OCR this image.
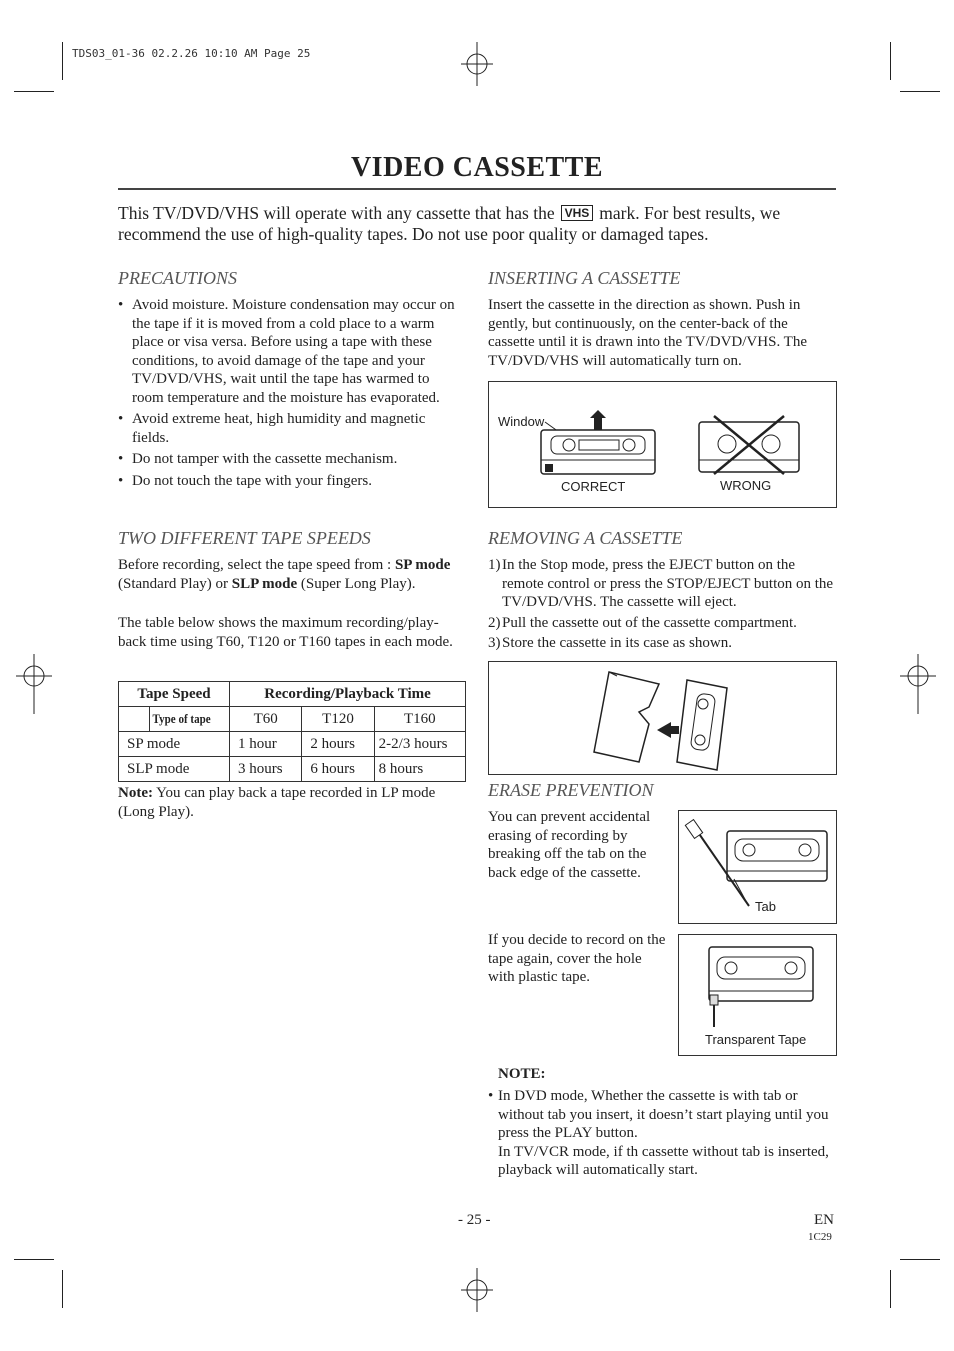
TDS03_01-36 02.2.26 10:10 AM Page 25
VIDEO CASSETTE
This TV/DVD/VHS will operate with any cassette that has the VHS mark. For best results, we recommend the use of high-quality tapes. Do not use poor quality or damaged tapes.
PRECAUTIONS
• Avoid moisture. Moisture condensation may occur on the tape if it is moved from a cold place to a warm place or visa versa. Before using a tape with these conditions, to avoid damage of the tape and your TV/DVD/VHS, wait until the tape has warmed to room temperature and the moisture has evaporated.
• Avoid extreme heat, high humidity and magnetic fields.
• Do not tamper with the cassette mechanism.
• Do not touch the tape with your fingers.
TWO DIFFERENT TAPE SPEEDS
Before recording, select the tape speed from : SP mode (Standard Play) or SLP mode (Super Long Play).
The table below shows the maximum recording/play-back time using T60, T120 or T160 tapes in each mode.
Tape Speed	Recording/Playback Time		

Type of tape	T60	T120	T160
SP mode	1 hour	2 hours	2-2/3 hours
SLP mode	3 hours	6 hours	8 hours
Note: You can play back a tape recorded in LP mode (Long Play).
INSERTING A CASSETTE
Insert the cassette in the direction as shown. Push in gently, but continuously, on the center-back of the cassette until it is drawn into the TV/DVD/VHS. The TV/DVD/VHS will automatically turn on.
Window
CORRECT	WRONG
REMOVING A CASSETTE
1) In the Stop mode, press the EJECT button on the remote control or press the STOP/EJECT button on the TV/DVD/VHS. The cassette will eject.
2) Pull the cassette out of the cassette compartment.
3) Store the cassette in its case as shown.
ERASE PREVENTION
You can prevent accidental erasing of recording by breaking off the tab on the back edge of the cassette.
If you decide to record on the tape again, cover the hole with plastic tape.
Tab
Transparent Tape
NOTE:
• In DVD mode, Whether the cassette is with tab or without tab you insert, it doesn’t start playing until you press the PLAY button.
In TV/VCR mode, if th cassette without tab is inserted, playback will automatically start.
- 25 -	EN
1C29
